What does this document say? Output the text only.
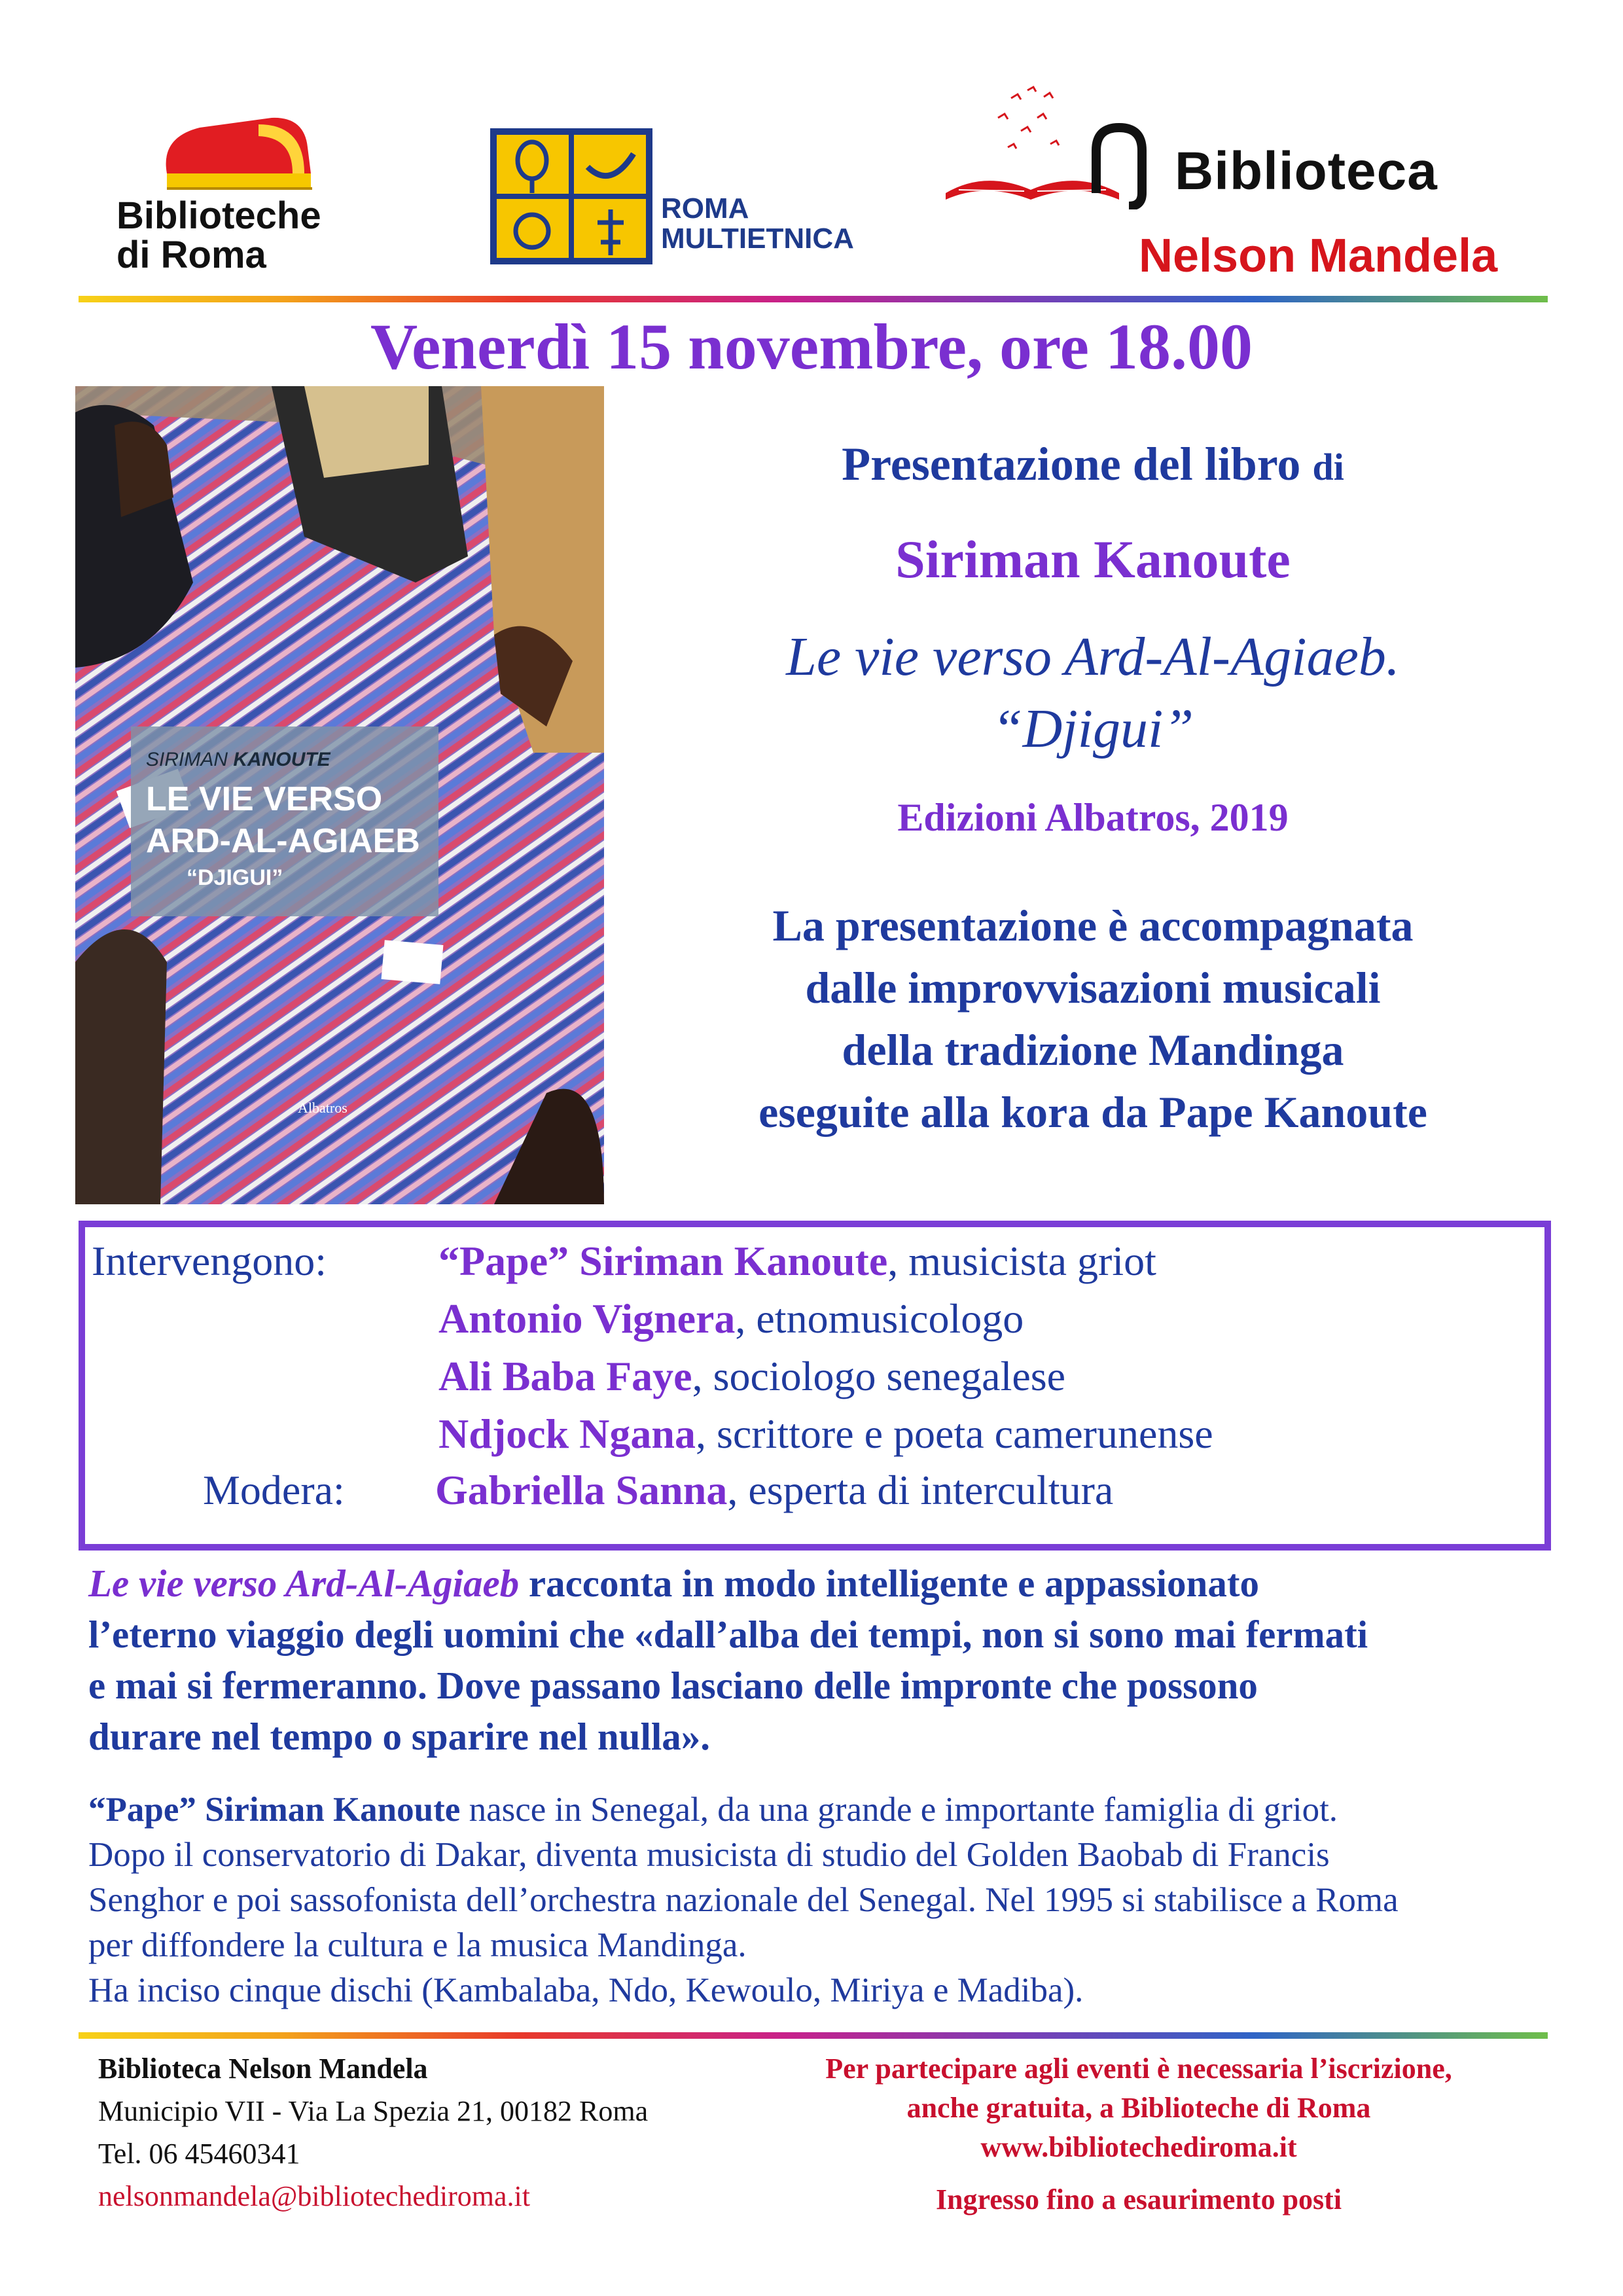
Biblioteche
di Roma
ROMA
MULTIETNICA
Biblioteca
Nelson Mandela
Venerdì 15 novembre, ore 18.00
SIRIMAN KANOUTE
LE VIE VERSO
ARD-AL-AGIAEB
“DJIGUI”
Albatros
Presentazione del libro di
Siriman Kanoute
Le vie verso Ard-Al-Agiaeb.
“Djigui”
Edizioni Albatros, 2019
La presentazione è accompagnata
dalle improvvisazioni musicali
della tradizione Mandinga
eseguite alla kora da Pape Kanoute
Intervengono:	“Pape” Siriman Kanoute, musicista griot
Antonio Vignera, etnomusicologo
Ali Baba Faye, sociologo senegalese
Ndjock Ngana, scrittore e poeta camerunense
Modera: Gabriella Sanna, esperta di intercultura
Le vie verso Ard-Al-Agiaeb racconta in modo intelligente e appassionato
l’eterno viaggio degli uomini che «dall’alba dei tempi, non si sono mai fermati
e mai si fermeranno. Dove passano lasciano delle impronte che possono
durare nel tempo o sparire nel nulla».
“Pape” Siriman Kanoute nasce in Senegal, da una grande e importante famiglia di griot.
Dopo il conservatorio di Dakar, diventa musicista di studio del Golden Baobab di Francis
Senghor e poi sassofonista dell’orchestra nazionale del Senegal. Nel 1995 si stabilisce a Roma
per diffondere la cultura e la musica Mandinga.
Ha inciso cinque dischi (Kambalaba, Ndo, Kewoulo, Miriya e Madiba).
Biblioteca Nelson Mandela
Municipio VII - Via La Spezia 21, 00182 Roma
Tel. 06 45460341
nelsonmandela@bibliotechediroma.it
Per partecipare agli eventi è necessaria l’iscrizione,
anche gratuita, a Biblioteche di Roma
www.bibliotechediroma.it
Ingresso fino a esaurimento posti
